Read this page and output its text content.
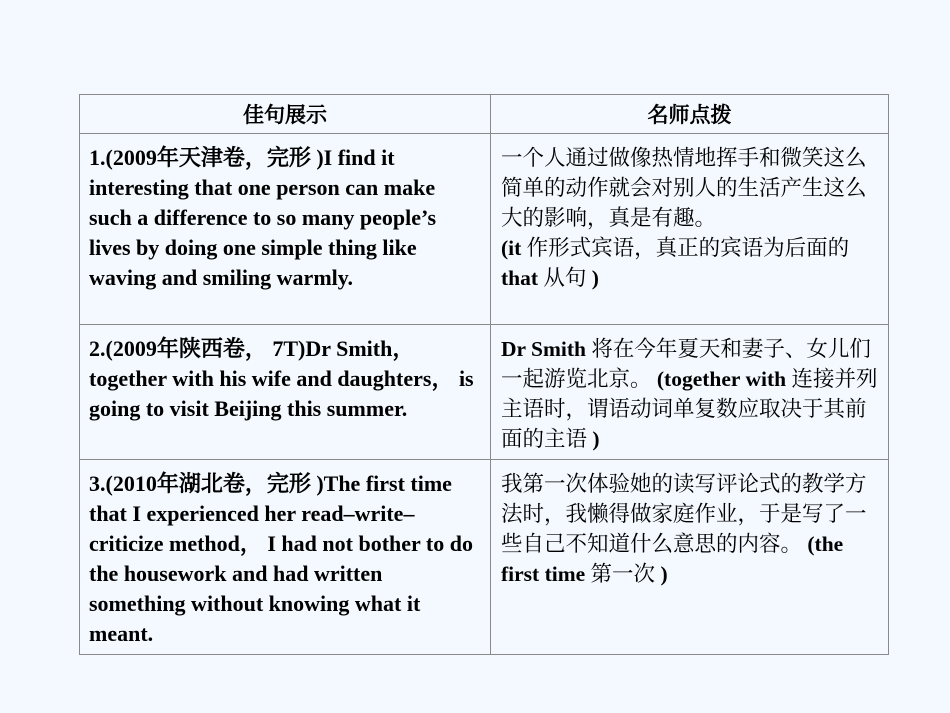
佳句展示	名师点拨
1.(2009年天津卷，完形 )I find it interesting that one person can make such a difference to so many people’s lives by doing one simple thing like waving and smiling warmly.	一个人通过做像热情地挥手和微笑这么简单的动作就会对别人的生活产生这么大的影响，真是有趣。
(it 作形式宾语，真正的宾语为后面的 that 从句 )
2.(2009年陕西卷， 7T)Dr Smith， together with his wife and daughters， is going to visit Beijing this summer.	Dr Smith 将在今年夏天和妻子、女儿们一起游览北京。 (together with 连接并列主语时，谓语动词单复数应取决于其前面的主语 )
3.(2010年湖北卷，完形 )The first time that I experienced her read–write–criticize method， I had not bother to do the housework and had written something without knowing what it meant.	我第一次体验她的读写评论式的教学方法时，我懒得做家庭作业，于是写了一些自己不知道什么意思的内容。 (the first time 第一次 )
